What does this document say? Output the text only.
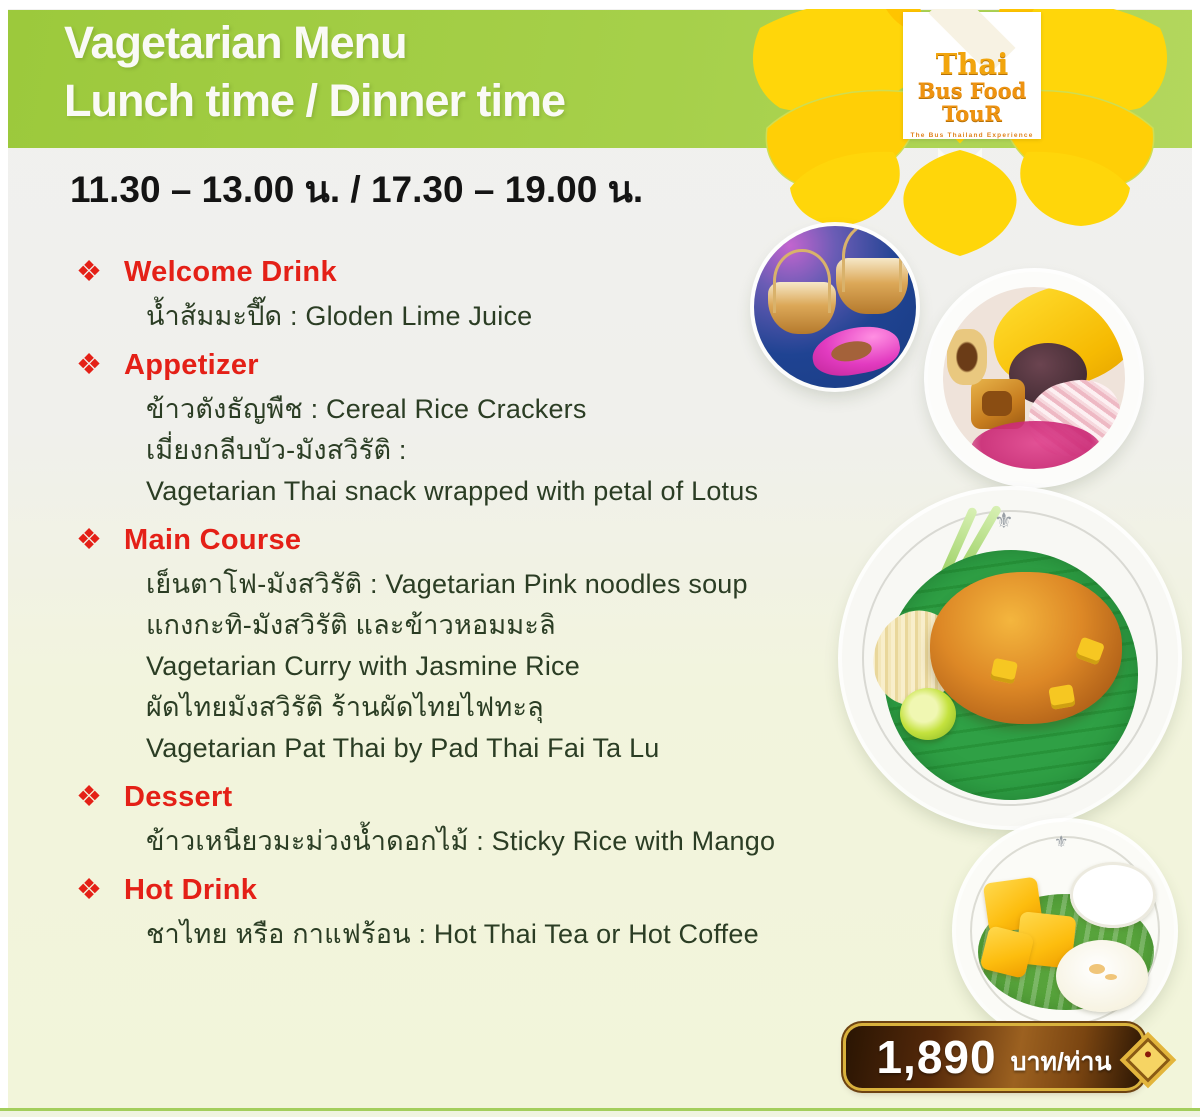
Thai
Bus Food
TouR
The Bus Thailand Experience
Vagetarian Menu
Lunch time / Dinner time
11.30 – 13.00 น. / 17.30 – 19.00 น.
❖ Welcome Drink
น้ำส้มมะปี๊ด : Gloden Lime Juice
❖ Appetizer
ข้าวตังธัญพืช : Cereal Rice Crackers
เมี่ยงกลีบบัว-มังสวิรัติ :
Vagetarian Thai snack wrapped with petal of Lotus
❖ Main Course
เย็นตาโฟ-มังสวิรัติ : Vagetarian Pink noodles soup
แกงกะทิ-มังสวิรัติ และข้าวหอมมะลิ
Vagetarian Curry with Jasmine Rice
ผัดไทยมังสวิรัติ ร้านผัดไทยไฟทะลุ
Vagetarian Pat Thai by Pad Thai Fai Ta Lu
❖ Dessert
ข้าวเหนียวมะม่วงน้ำดอกไม้ : Sticky Rice with Mango
❖ Hot Drink
ชาไทย หรือ กาแฟร้อน : Hot Thai Tea or Hot Coffee
⚜
⚜
1,890 บาท/ท่าน
